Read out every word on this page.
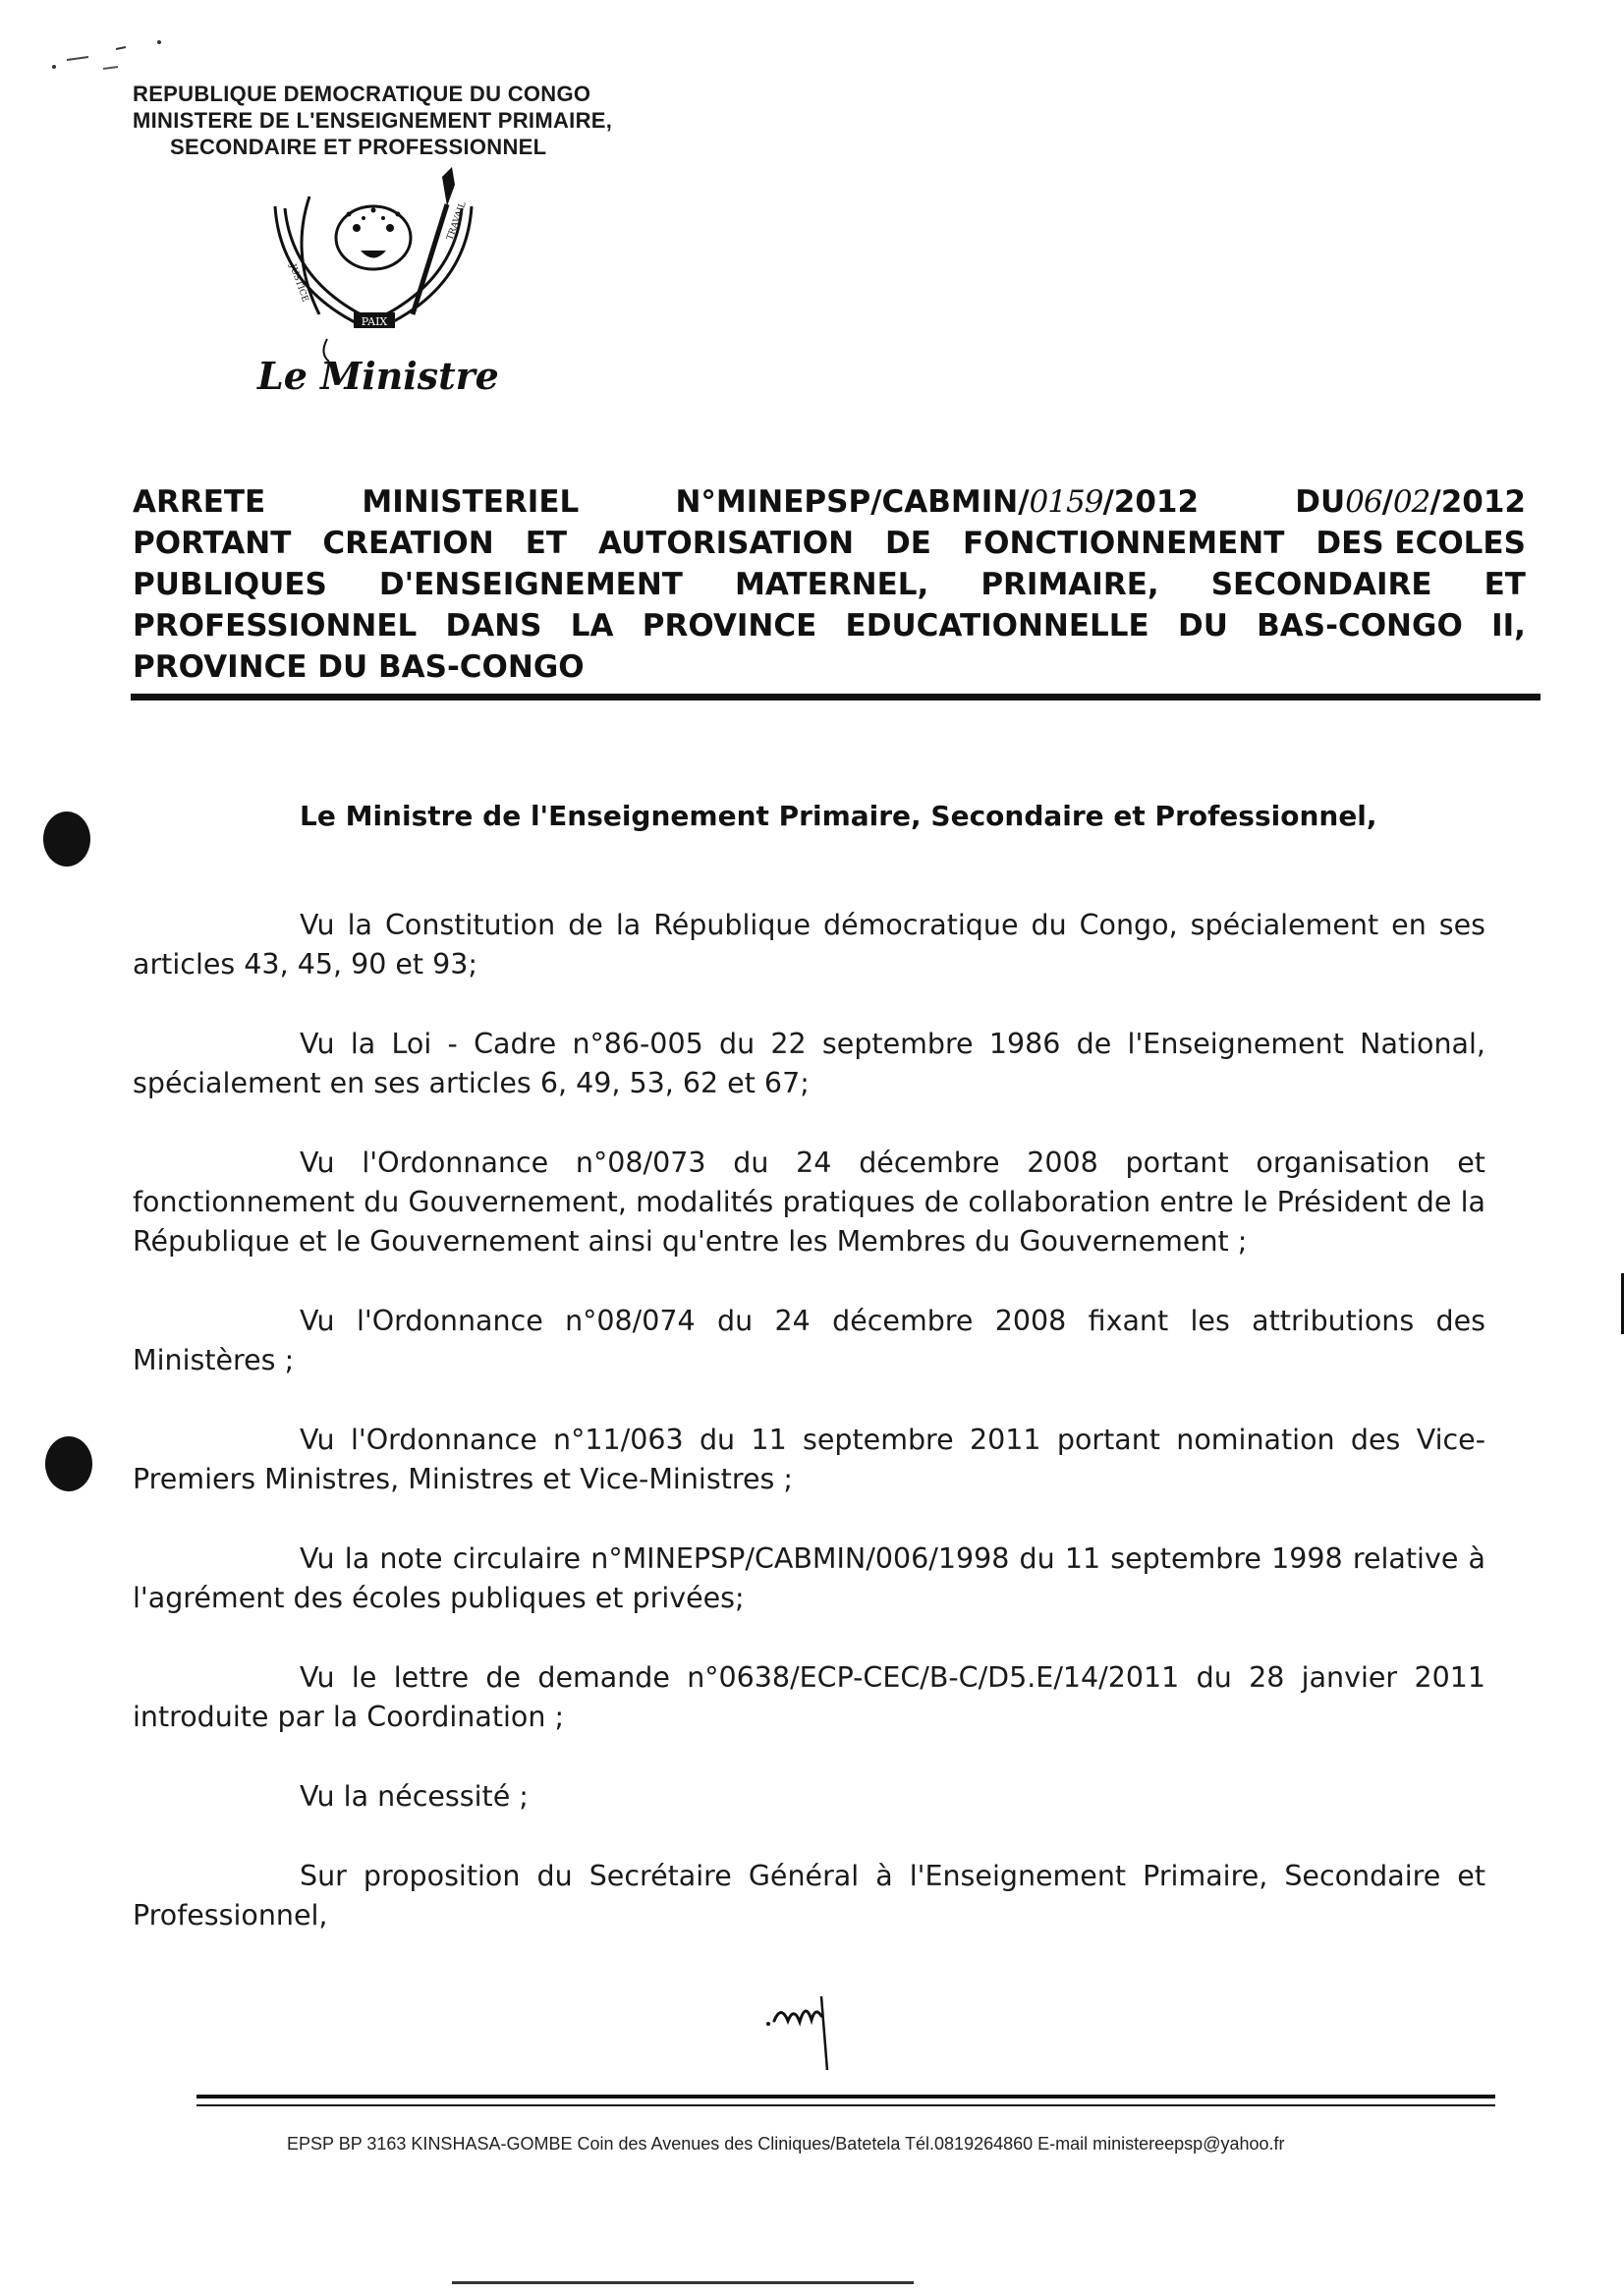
REPUBLIQUE DEMOCRATIQUE DU CONGO
MINISTERE DE L'ENSEIGNEMENT PRIMAIRE,
SECONDAIRE ET PROFESSIONNEL
PAIX
JUSTICE
TRAVAIL
Le Ministre
ARRETE	MINISTERIEL	N°MINEPSP/CABMIN/0159/2012	DU06/02/2012
PORTANT CREATION ET AUTORISATION DE FONCTIONNEMENT DES ECOLES
PUBLIQUES D'ENSEIGNEMENT MATERNEL, PRIMAIRE, SECONDAIRE ET
PROFESSIONNEL DANS LA PROVINCE EDUCATIONNELLE DU BAS-CONGO II,
PROVINCE DU BAS-CONGO
Le Ministre de l'Enseignement Primaire, Secondaire et Professionnel,

Vu la Constitution de la République démocratique du Congo, spécialement en ses articles 43, 45, 90 et 93;

Vu la Loi - Cadre n°86-005 du 22 septembre 1986 de l'Enseignement National, spécialement en ses articles 6, 49, 53, 62 et 67;

Vu l'Ordonnance n°08/073 du 24 décembre 2008 portant organisation et fonctionnement du Gouvernement, modalités pratiques de collaboration entre le Président de la République et le Gouvernement ainsi qu'entre les Membres du Gouvernement ;

Vu l'Ordonnance n°08/074 du 24 décembre 2008 fixant les attributions des Ministères ;

Vu l'Ordonnance n°11/063 du 11 septembre 2011 portant nomination des Vice-Premiers Ministres, Ministres et Vice-Ministres ;

Vu la note circulaire n°MINEPSP/CABMIN/006/1998 du 11 septembre 1998 relative à l'agrément des écoles publiques et privées;

Vu le lettre de demande n°0638/ECP-CEC/B-C/D5.E/14/2011 du 28 janvier 2011 introduite par la Coordination ;

Vu la nécessité ;

Sur proposition du Secrétaire Général à l'Enseignement Primaire, Secondaire et Professionnel,

EPSP BP 3163 KINSHASA-GOMBE Coin des Avenues des Cliniques/Batetela Tél.0819264860 E-mail ministereepsp@yahoo.fr
